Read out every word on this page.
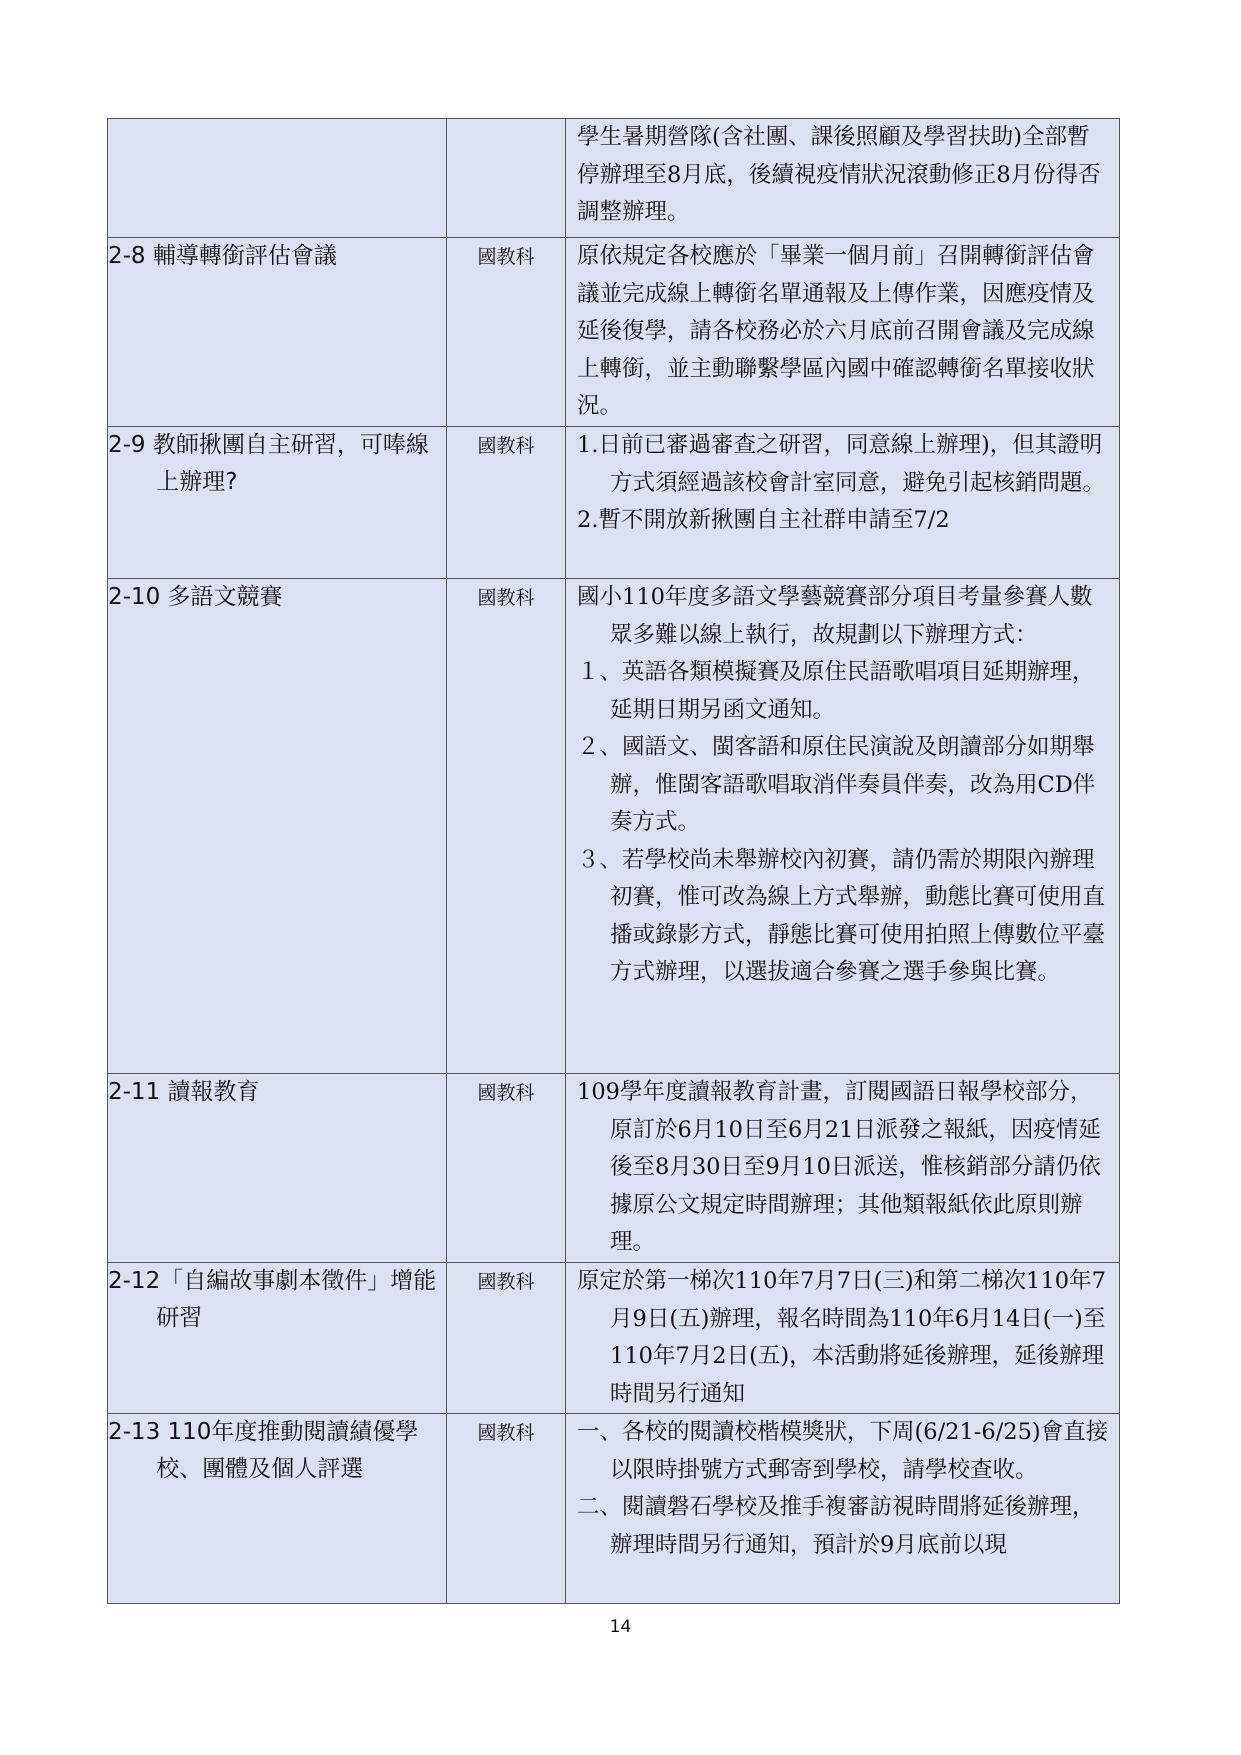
		學生暑期營隊(含社團、課後照顧及學習扶助)全部暫停辦理至8月底，後續視疫情狀況滾動修正8月份得否調整辦理。

2-8 輔導轉銜評估會議	國教科	原依規定各校應於「畢業一個月前」召開轉銜評估會議並完成線上轉銜名單通報及上傳作業，因應疫情及延後復學，請各校務必於六月底前召開會議及完成線上轉銜，並主動聯繫學區內國中確認轉銜名單接收狀況。

2-9 教師揪團自主研習，可唪線上辦理?	國教科	1.日前已審過審查之研習，同意線上辦理)，但其證明方式須經過該校會計室同意，避免引起核銷問題。
2.暫不開放新揪團自主社群申請至7/2

2-10 多語文競賽	國教科	國小110年度多語文學藝競賽部分項目考量參賽人數眾多難以線上執行，故規劃以下辦理方式：
１、英語各類模擬賽及原住民語歌唱項目延期辦理，延期日期另函文通知。
２、國語文、閩客語和原住民演說及朗讀部分如期舉辦，惟閩客語歌唱取消伴奏員伴奏，改為用CD伴奏方式。
３、若學校尚未舉辦校內初賽，請仍需於期限內辦理初賽，惟可改為線上方式舉辦，動態比賽可使用直播或錄影方式，靜態比賽可使用拍照上傳數位平臺方式辦理，以選拔適合參賽之選手參與比賽。

2-11 讀報教育	國教科	109學年度讀報教育計畫，訂閱國語日報學校部分，原訂於6月10日至6月21日派發之報紙，因疫情延後至8月30日至9月10日派送，惟核銷部分請仍依據原公文規定時間辦理；其他類報紙依此原則辦理。

2-12「自編故事劇本徵件」增能研習	國教科	原定於第一梯次110年7月7日(三)和第二梯次110年7月9日(五)辦理，報名時間為110年6月14日(一)至110年7月2日(五)，本活動將延後辦理，延後辦理時間另行通知

2-13 110年度推動閱讀績優學校、團體及個人評選	國教科	一、各校的閱讀校楷模獎狀，下周(6/21-6/25)會直接以限時掛號方式郵寄到學校，請學校查收。
二、閱讀磐石學校及推手複審訪視時間將延後辦理，辦理時間另行通知，預計於9月底前以現
14
